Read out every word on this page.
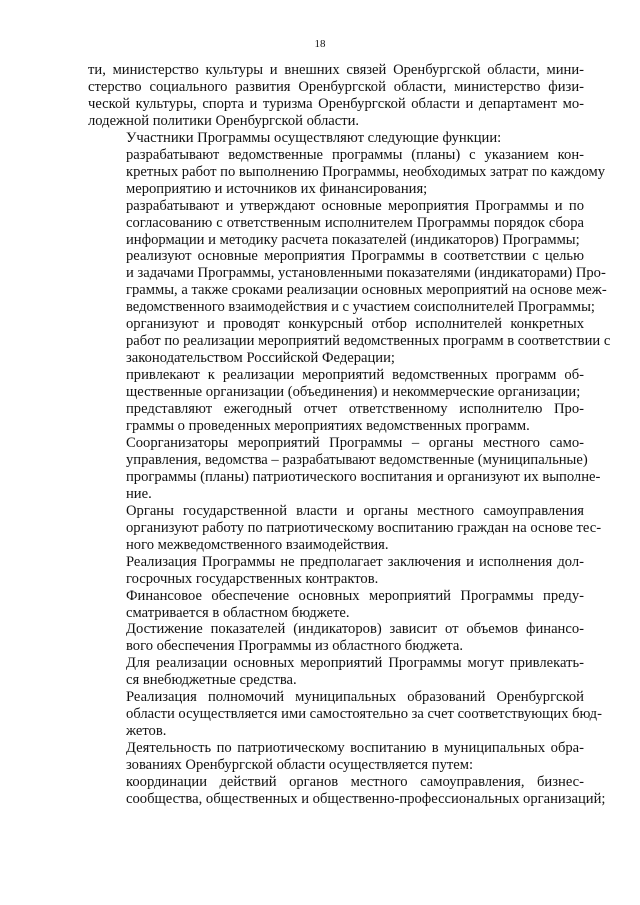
18

ти, министерство культуры и внешних связей Оренбургской области, мини-
стерство социального развития Оренбургской области, министерство физи-
ческой культуры, спорта и туризма Оренбургской области и департамент мо-
лодежной политики Оренбургской области.

Участники Программы осуществляют следующие функции:

разрабатывают ведомственные программы (планы) с указанием кон-
кретных работ по выполнению Программы, необходимых затрат по каждому
мероприятию и источников их финансирования;

разрабатывают и утверждают основные мероприятия Программы и по
согласованию с ответственным исполнителем Программы порядок сбора
информации и методику расчета показателей (индикаторов) Программы;

реализуют основные мероприятия Программы в соответствии с целью
и задачами Программы, установленными показателями (индикаторами) Про-
граммы, а также сроками реализации основных мероприятий на основе меж-
ведомственного взаимодействия и с участием соисполнителей Программы;

организуют и проводят конкурсный отбор исполнителей конкретных
работ по реализации мероприятий ведомственных программ в соответствии с
законодательством Российской Федерации;

привлекают к реализации мероприятий ведомственных программ об-
щественные организации (объединения) и некоммерческие организации;

представляют ежегодный отчет ответственному исполнителю Про-
граммы о проведенных мероприятиях ведомственных программ.

Соорганизаторы мероприятий Программы – органы местного само-
управления, ведомства – разрабатывают ведомственные (муниципальные)
программы (планы) патриотического воспитания и организуют их выполне-
ние.

Органы государственной власти и органы местного самоуправления
организуют работу по патриотическому воспитанию граждан на основе тес-
ного межведомственного взаимодействия.

Реализация Программы не предполагает заключения и исполнения дол-
госрочных государственных контрактов.

Финансовое обеспечение основных мероприятий Программы преду-
сматривается в областном бюджете.

Достижение показателей (индикаторов) зависит от объемов финансо-
вого обеспечения Программы из областного бюджета.

Для реализации основных мероприятий Программы могут привлекать-
ся внебюджетные средства.

Реализация полномочий муниципальных образований Оренбургской
области осуществляется ими самостоятельно за счет соответствующих бюд-
жетов.

Деятельность по патриотическому воспитанию в муниципальных обра-
зованиях Оренбургской области осуществляется путем:

координации действий органов местного самоуправления, бизнес-
сообщества, общественных и общественно-профессиональных организаций;
